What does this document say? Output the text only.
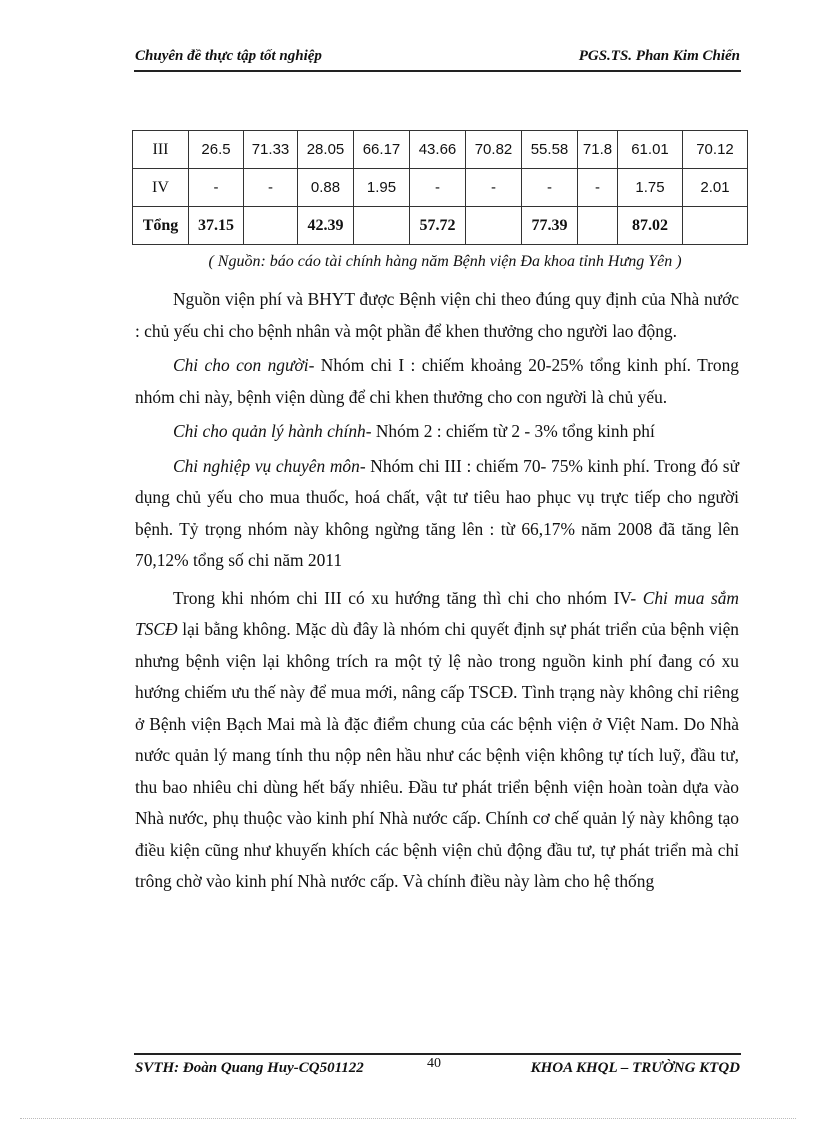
Chuyên đề thực tập tốt nghiệp	PGS.TS. Phan Kim Chiến
III	26.5	71.33	28.05	66.17	43.66	70.82	55.58	71.8	61.01	70.12
IV	-	-	0.88	1.95	-	-	-	-	1.75	2.01
Tổng	37.15		42.39		57.72		77.39		87.02	
( Nguồn: báo cáo tài chính hàng năm Bệnh viện Đa khoa tỉnh Hưng Yên )

Nguồn viện phí và BHYT được Bệnh viện chi theo đúng quy định của Nhà nước : chủ yếu chi cho bệnh nhân và một phần để khen thưởng cho người lao động.

Chi cho con người- Nhóm chi I : chiếm khoảng 20-25% tổng kinh phí. Trong nhóm chi này, bệnh viện dùng để chi khen thưởng cho con người là chủ yếu.

Chi cho quản lý hành chính- Nhóm 2 : chiếm từ 2 - 3% tổng kinh phí

Chi nghiệp vụ chuyên môn- Nhóm chi III : chiếm 70- 75% kinh phí. Trong đó sử dụng chủ yếu cho mua thuốc, hoá chất, vật tư tiêu hao phục vụ trực tiếp cho người bệnh. Tỷ trọng nhóm này không ngừng tăng lên : từ 66,17% năm 2008 đã tăng lên 70,12% tổng số chi năm 2011

Trong khi nhóm chi III có xu hướng tăng thì chi cho nhóm IV- Chi mua sắm TSCĐ lại bằng không. Mặc dù đây là nhóm chi quyết định sự phát triển của bệnh viện nhưng bệnh viện lại không trích ra một tỷ lệ nào trong nguồn kinh phí đang có xu hướng chiếm ưu thế này để mua mới, nâng cấp TSCĐ. Tình trạng này không chỉ riêng ở Bệnh viện Bạch Mai mà là đặc điểm chung của các bệnh viện ở Việt Nam. Do Nhà nước quản lý mang tính thu nộp nên hầu như các bệnh viện không tự tích luỹ, đầu tư, thu bao nhiêu chi dùng hết bấy nhiêu. Đầu tư phát triển bệnh viện hoàn toàn dựa vào Nhà nước, phụ thuộc vào kinh phí Nhà nước cấp. Chính cơ chế quản lý này không tạo điều kiện cũng như khuyến khích các bệnh viện chủ động đầu tư, tự phát triển mà chỉ trông chờ vào kinh phí Nhà nước cấp. Và chính điều này làm cho hệ thống

SVTH: Đoàn Quang Huy-CQ501122	40	KHOA KHQL – TRƯỜNG KTQD
